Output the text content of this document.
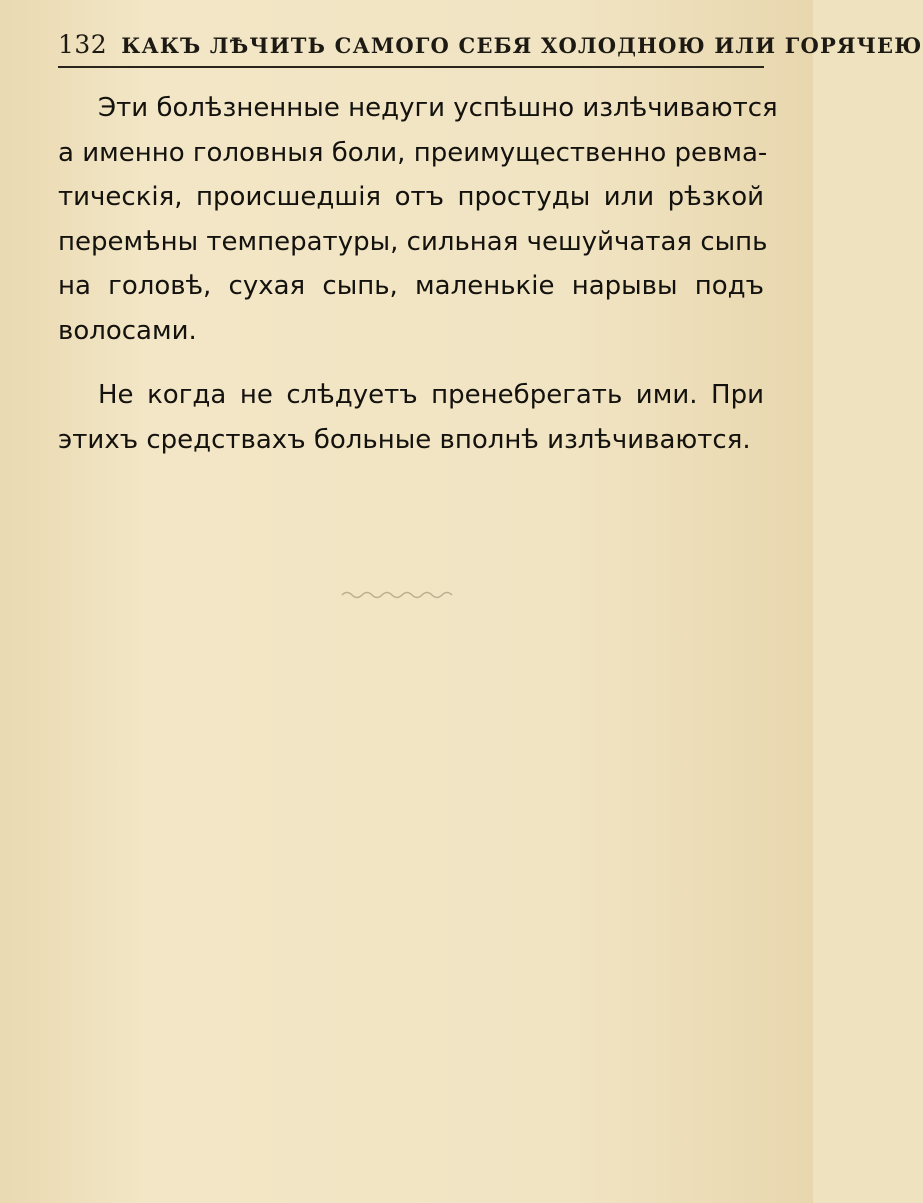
132 КАКЪ ЛѢЧИТЬ САМОГО СЕБЯ ХОЛОДНОЮ ИЛИ ГОРЯЧЕЮ

Эти болѣзненные недуги успѣшно излѣчиваются
а именно головныя боли, преимущественно ревма-
тическія, происшедшія отъ простуды или рѣзкой
перемѣны температуры, сильная чешуйчатая сыпь
на головѣ, сухая сыпь, маленькіе нарывы подъ
волосами.

Не когда не слѣдуетъ пренебрегать ими. При
этихъ средствахъ больные вполнѣ излѣчиваются.
